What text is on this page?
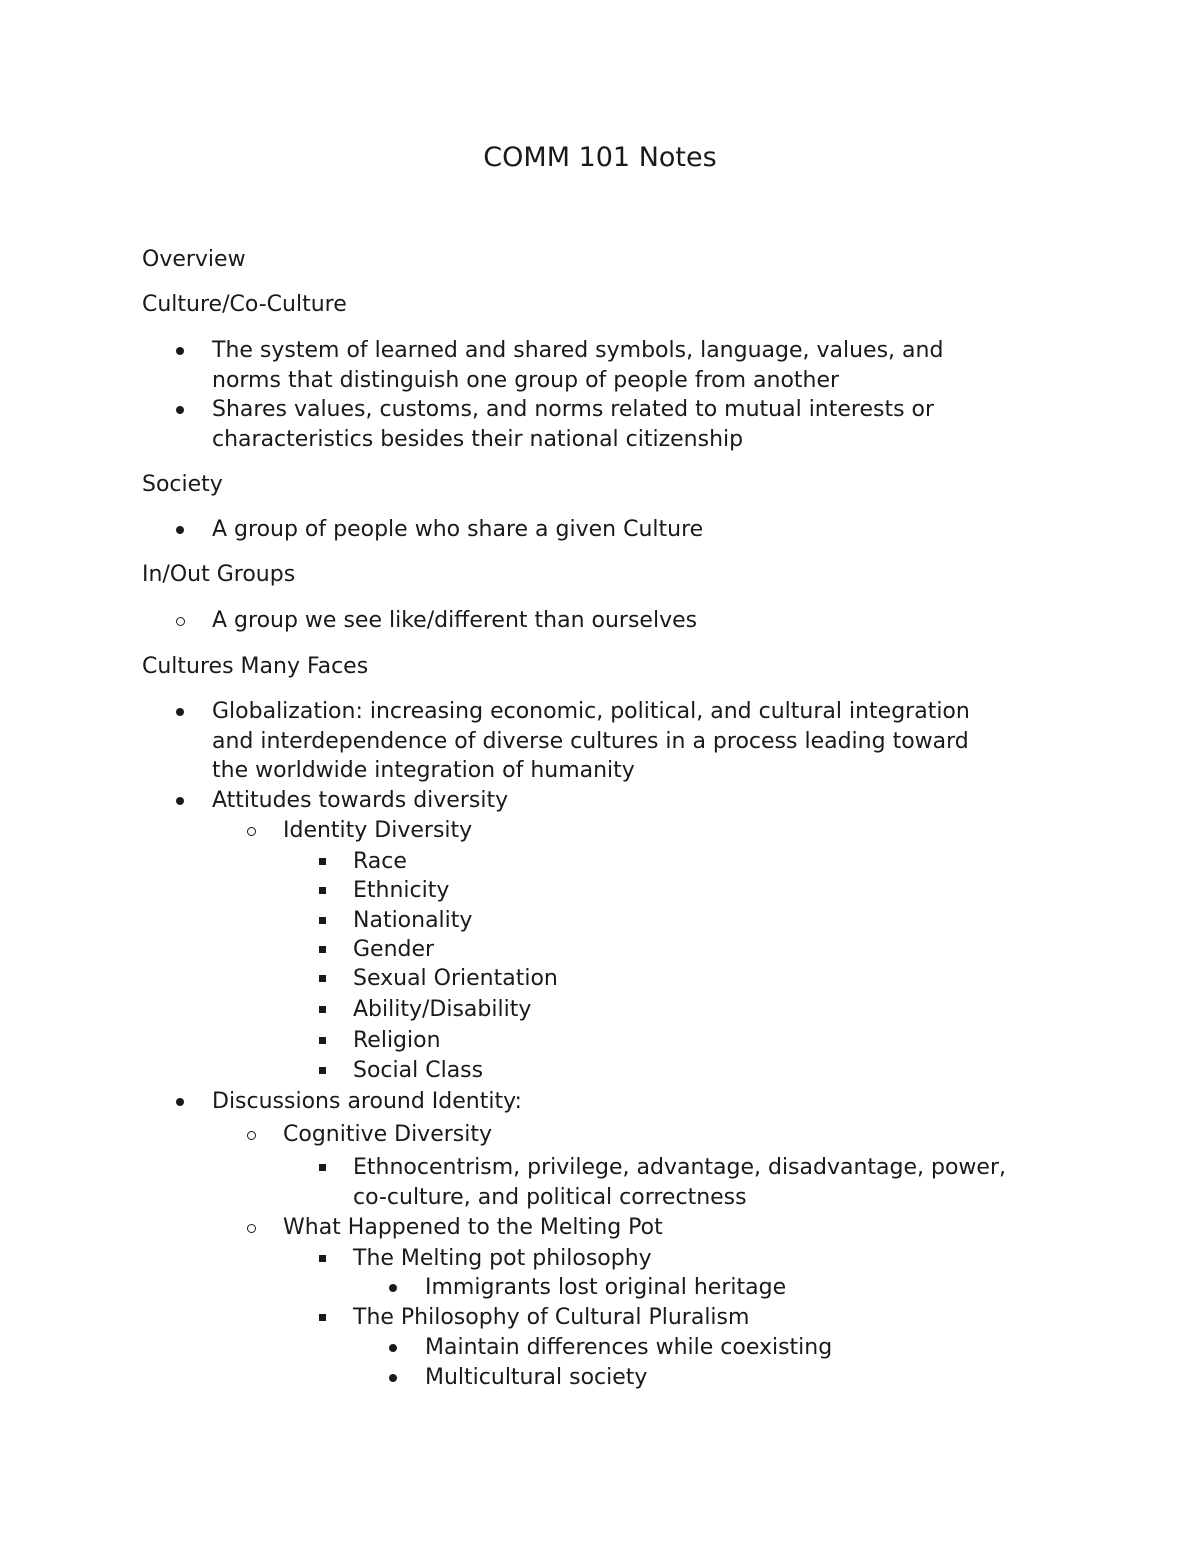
COMM 101 Notes
Overview
Culture/Co-Culture
The system of learned and shared symbols, language, values, and
norms that distinguish one group of people from another
Shares values, customs, and norms related to mutual interests or
characteristics besides their national citizenship
Society
A group of people who share a given Culture
In/Out Groups
A group we see like/different than ourselves
Cultures Many Faces
Globalization: increasing economic, political, and cultural integration
and interdependence of diverse cultures in a process leading toward
the worldwide integration of humanity
Attitudes towards diversity
Identity Diversity
Race
Ethnicity
Nationality
Gender
Sexual Orientation
Ability/Disability
Religion
Social Class
Discussions around Identity:
Cognitive Diversity
Ethnocentrism, privilege, advantage, disadvantage, power,
co-culture, and political correctness
What Happened to the Melting Pot
The Melting pot philosophy
Immigrants lost original heritage
The Philosophy of Cultural Pluralism
Maintain differences while coexisting
Multicultural society
